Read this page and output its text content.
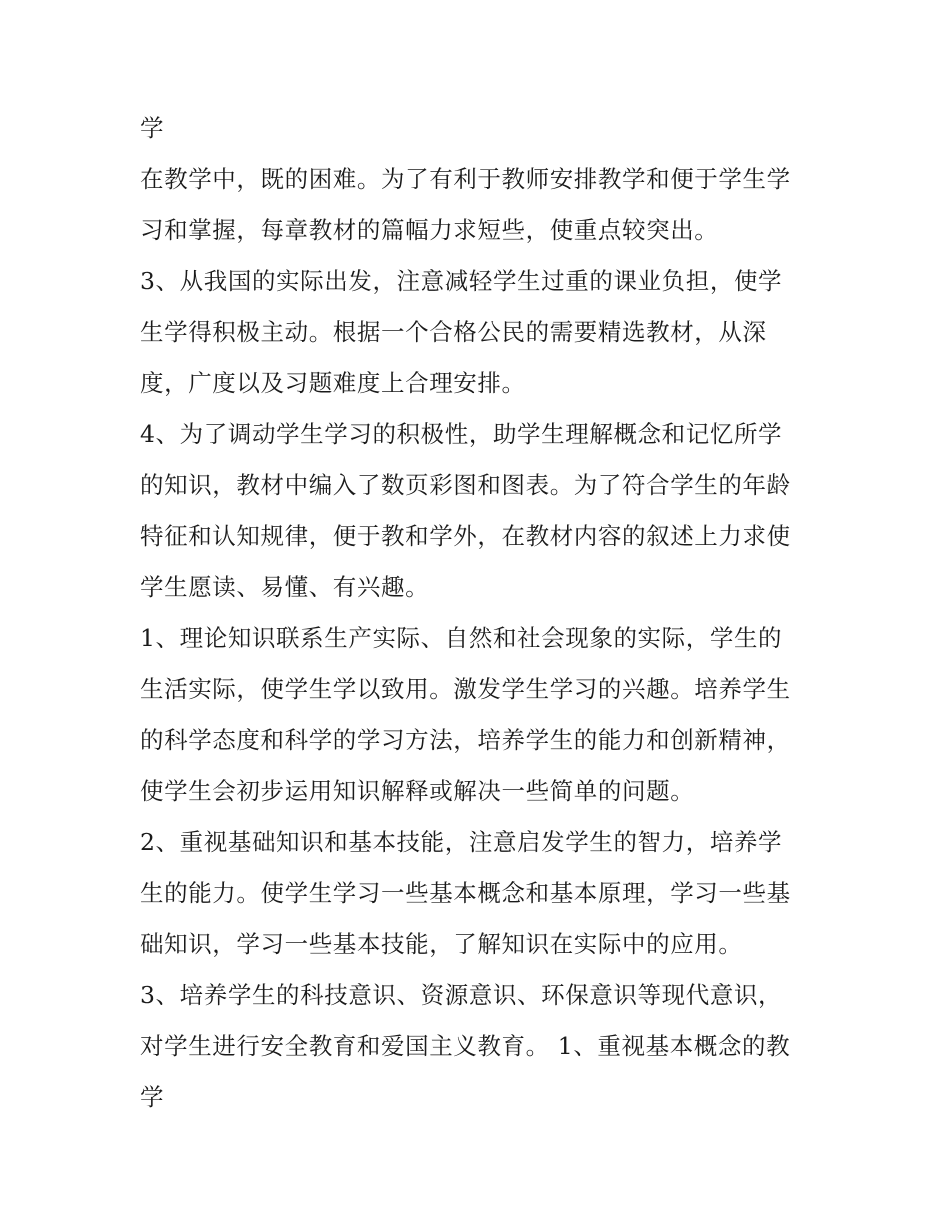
学
在教学中，既的困难。为了有利于教师安排教学和便于学生学
习和掌握，每章教材的篇幅力求短些，使重点较突出。
3、从我国的实际出发，注意减轻学生过重的课业负担，使学
生学得积极主动。根据一个合格公民的需要精选教材，从深
度，广度以及习题难度上合理安排。
4、为了调动学生学习的积极性，助学生理解概念和记忆所学
的知识，教材中编入了数页彩图和图表。为了符合学生的年龄
特征和认知规律，便于教和学外，在教材内容的叙述上力求使
学生愿读、易懂、有兴趣。
1、理论知识联系生产实际、自然和社会现象的实际，学生的
生活实际，使学生学以致用。激发学生学习的兴趣。培养学生
的科学态度和科学的学习方法，培养学生的能力和创新精神，
使学生会初步运用知识解释或解决一些简单的问题。
2、重视基础知识和基本技能，注意启发学生的智力，培养学
生的能力。使学生学习一些基本概念和基本原理，学习一些基
础知识，学习一些基本技能，了解知识在实际中的应用。
3、培养学生的科技意识、资源意识、环保意识等现代意识，
对学生进行安全教育和爱国主义教育。 1、重视基本概念的教
学
